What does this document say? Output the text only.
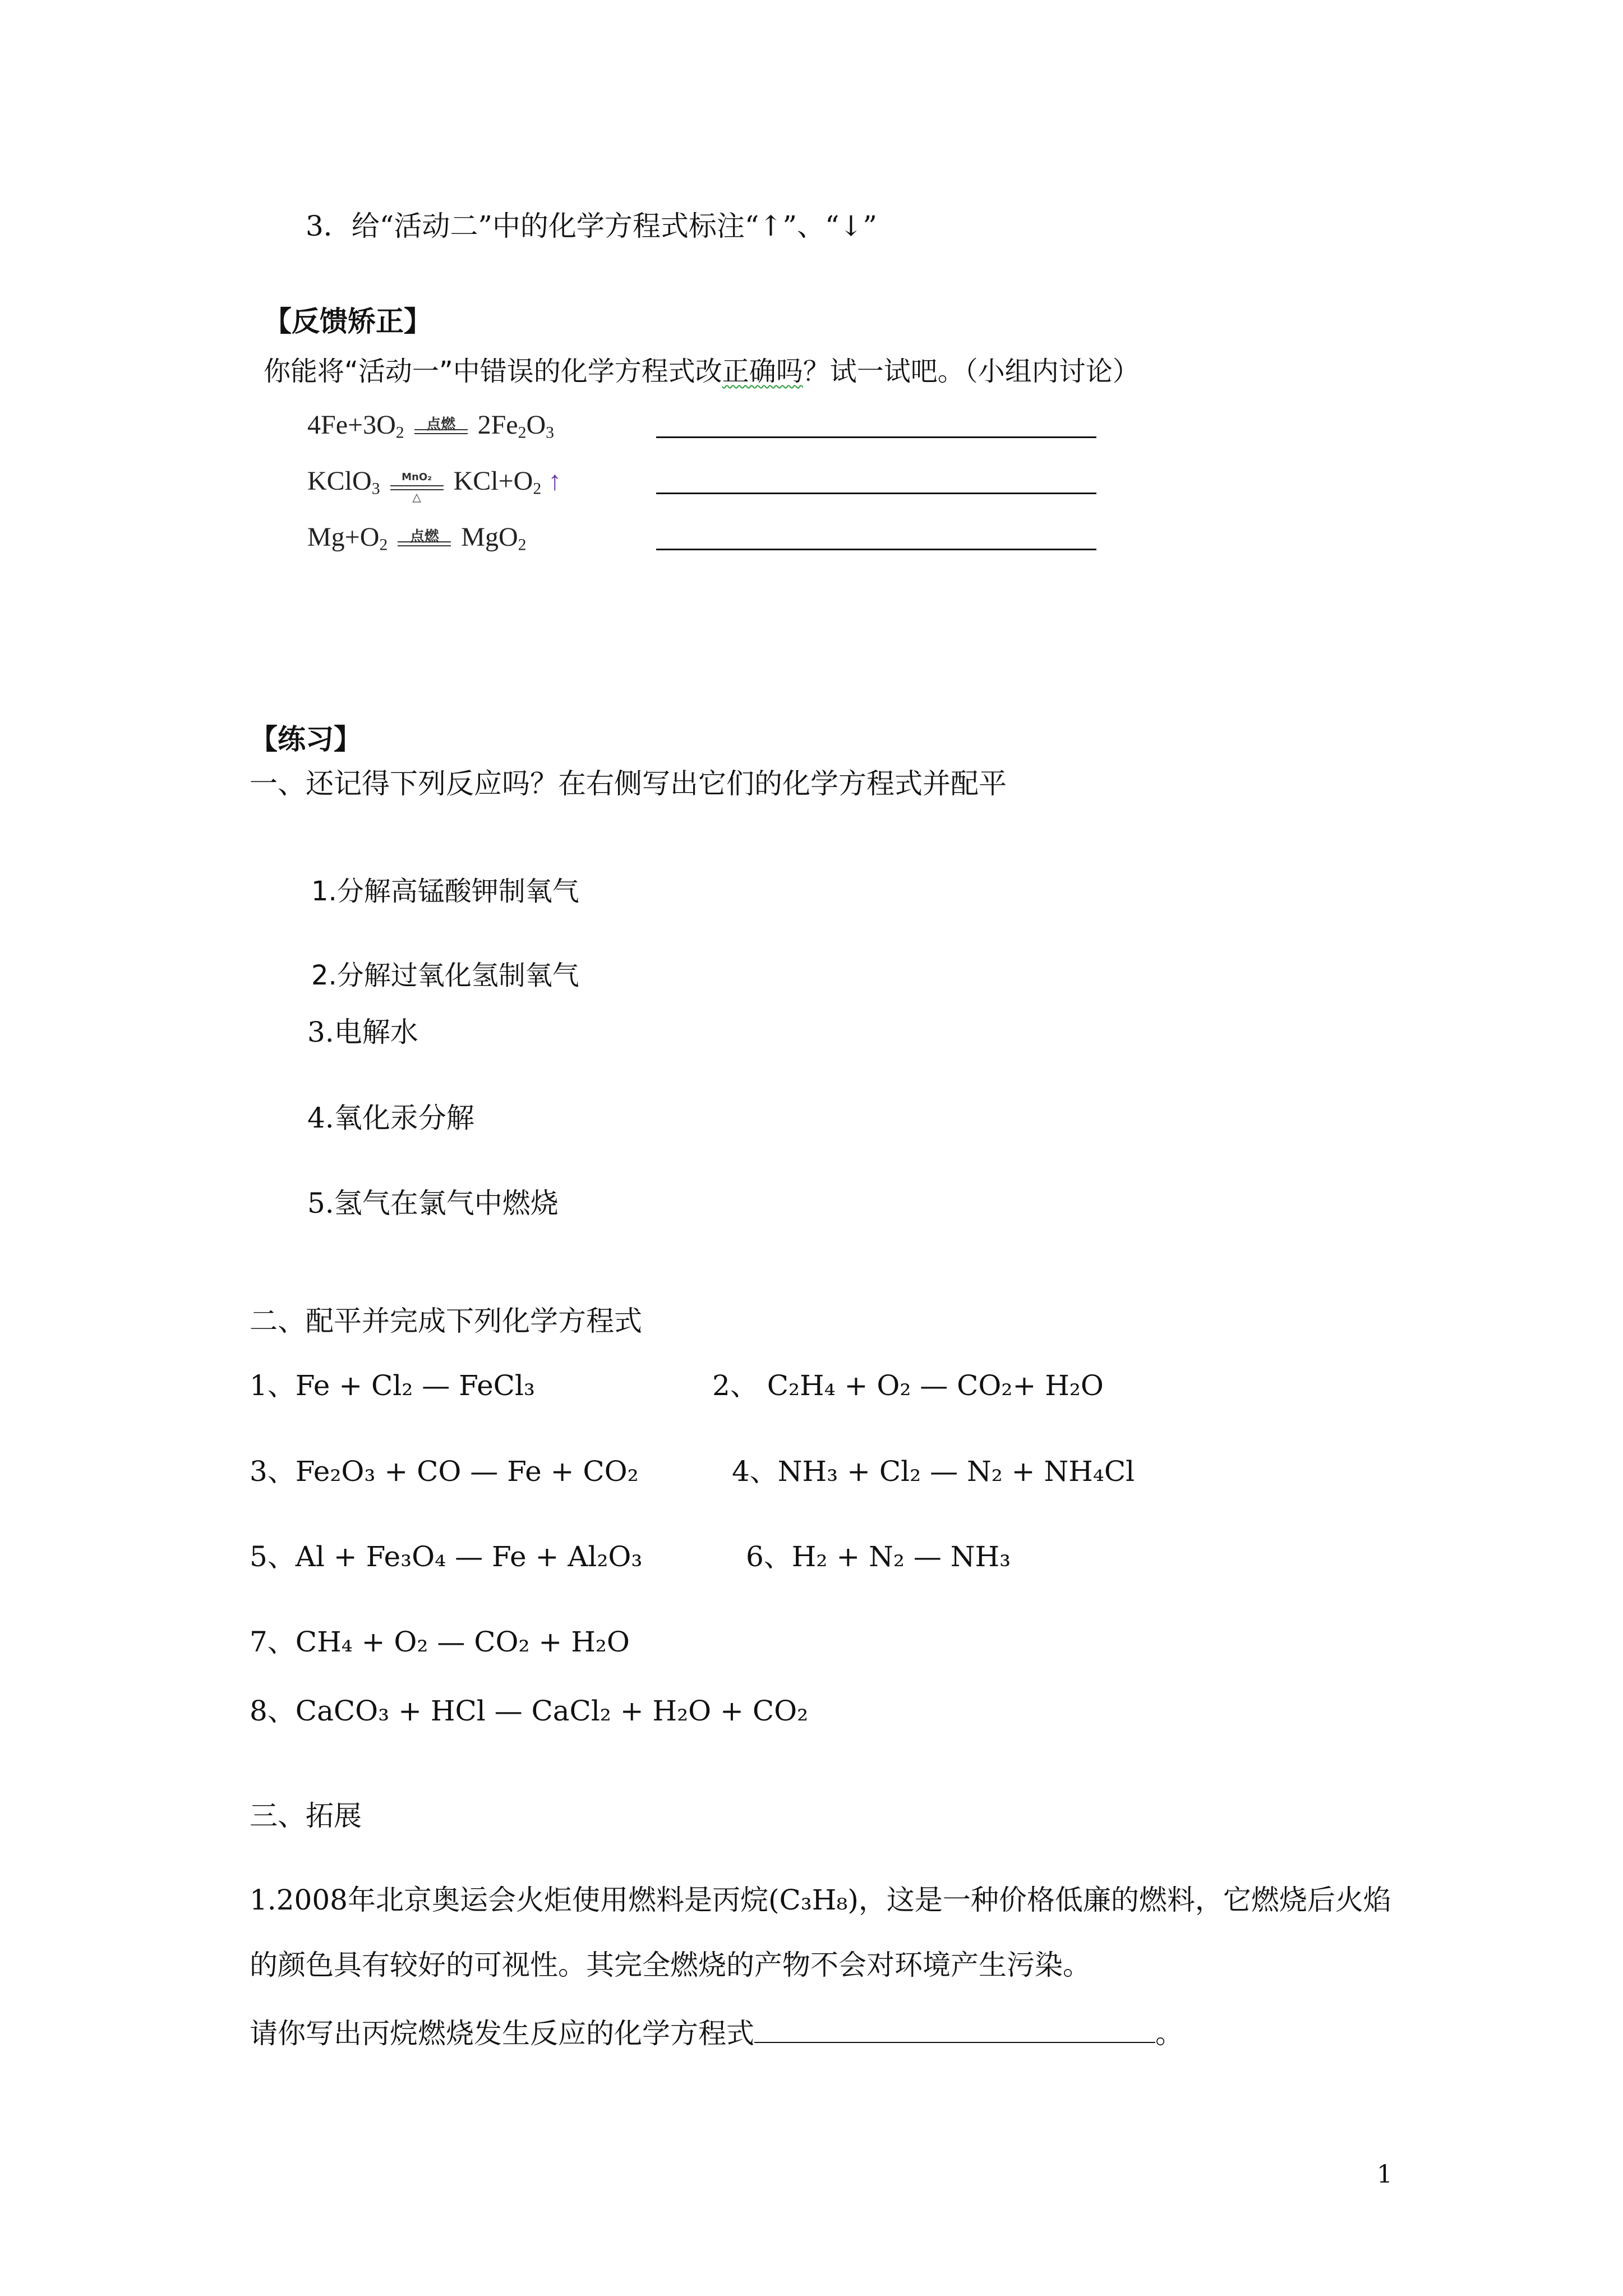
3．给“活动二”中的化学方程式标注“↑”、“↓”
【反馈矫正】
你能将“活动一”中错误的化学方程式改正确吗？试一试吧。（小组内讨论）
$4Fe+3O_2$	点燃 $2Fe_2O_3$
KClO$_3$
MnO₂
△
$KCl+O_2$ ↑
$Mg+O_2$	点燃 MgO$_2$
【练习】
一、还记得下列反应吗？在右侧写出它们的化学方程式并配平
1.分解高锰酸钾制氧气
2.分解过氧化氢制氧气
3.电解水
4.氧化汞分解
5.氢气在氯气中燃烧
二、配平并完成下列化学方程式
1、Fe + Cl₂ — FeCl₃	2、 C₂H₄ + O₂ — CO₂+ H₂O
3、Fe₂O₃ + CO — Fe + CO₂	4、NH₃ + Cl₂ — N₂ + NH₄Cl
5、Al + Fe₃O₄ — Fe + Al₂O₃	6、H₂ + N₂ — NH₃
7、CH₄ + O₂ — CO₂ + H₂O
8、CaCO₃ + HCl — CaCl₂ + H₂O + CO₂
三、拓展
1.2008年北京奥运会火炬使用燃料是丙烷(C₃H₈)，这是一种价格低廉的燃料，它燃烧后火焰
的颜色具有较好的可视性。其完全燃烧的产物不会对环境产生污染。
请你写出丙烷燃烧发生反应的化学方程式	。
1
